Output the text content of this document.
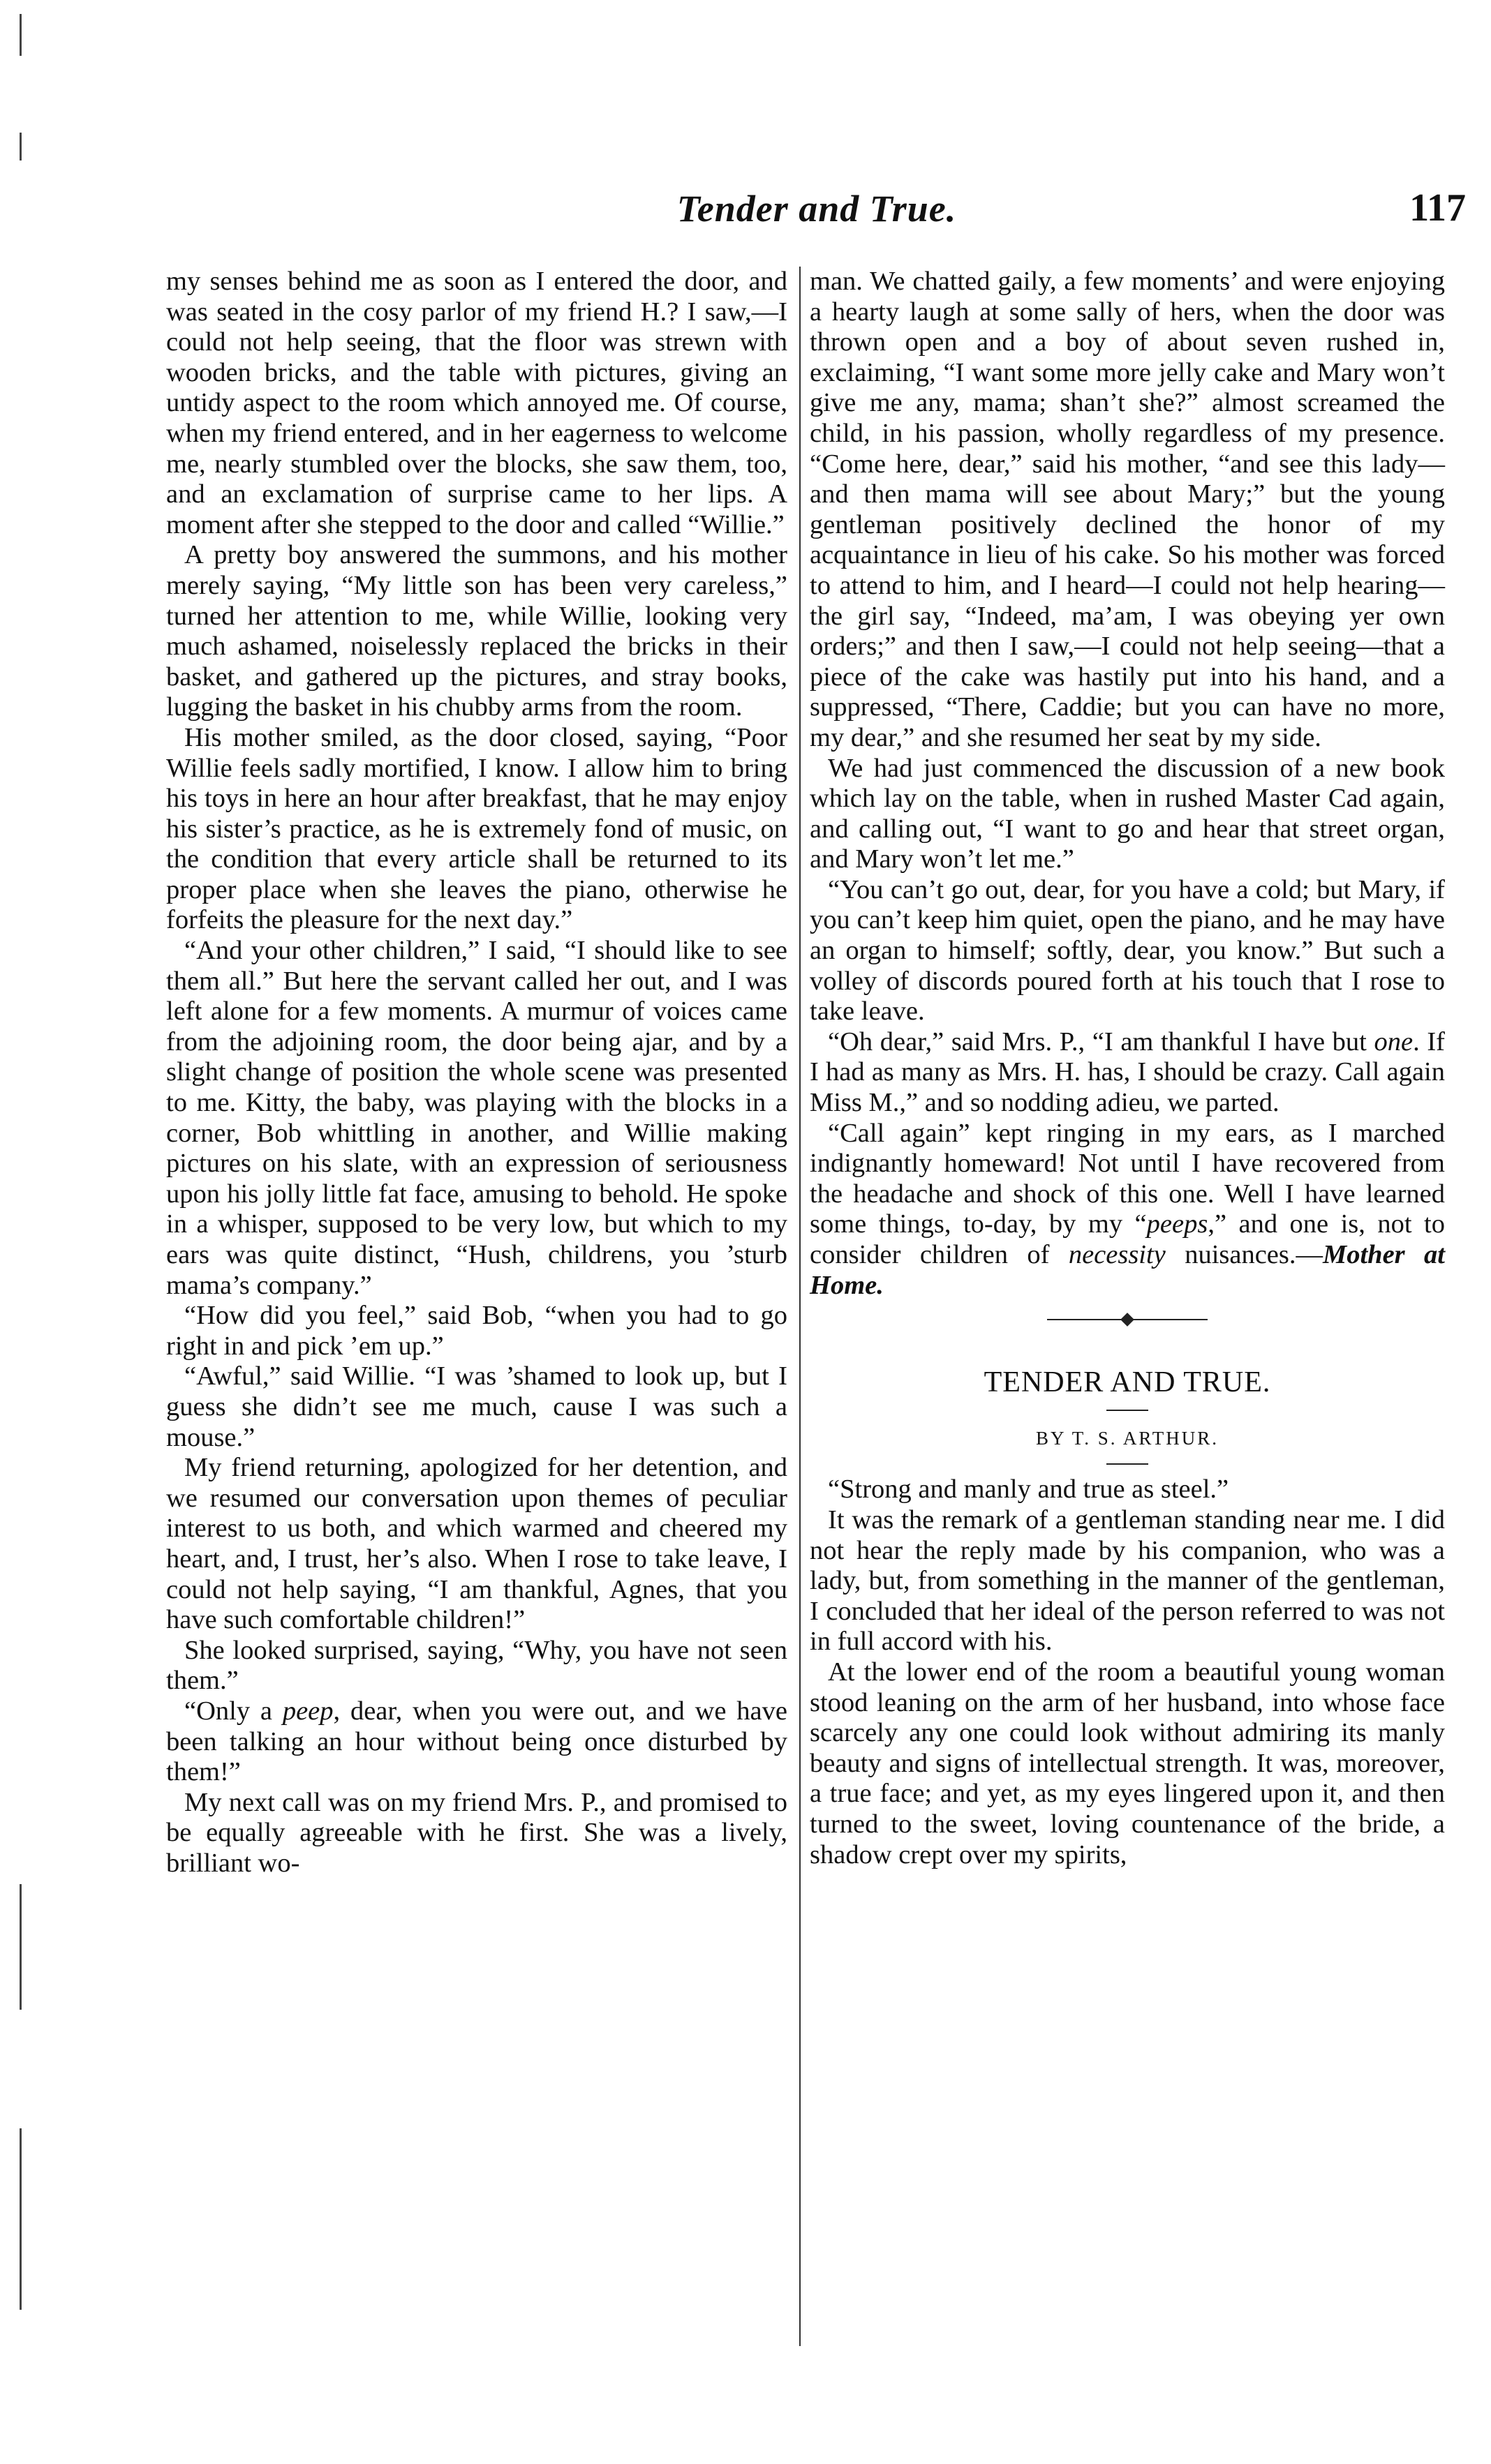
Tender and True.	117

my senses behind me as soon as I entered the door, and was seated in the cosy parlor of my friend H.? I saw,—I could not help seeing, that the floor was strewn with wooden bricks, and the table with pictures, giving an untidy aspect to the room which annoyed me. Of course, when my friend entered, and in her eagerness to welcome me, nearly stumbled over the blocks, she saw them, too, and an exclamation of surprise came to her lips. A moment after she stepped to the door and called “Willie.”

A pretty boy answered the summons, and his mother merely saying, “My little son has been very careless,” turned her attention to me, while Willie, looking very much ashamed, noiselessly replaced the bricks in their basket, and gathered up the pictures, and stray books, lugging the basket in his chubby arms from the room.

His mother smiled, as the door closed, saying, “Poor Willie feels sadly mortified, I know. I allow him to bring his toys in here an hour after breakfast, that he may enjoy his sister’s practice, as he is extremely fond of music, on the condition that every article shall be returned to its proper place when she leaves the piano, otherwise he forfeits the pleasure for the next day.”

“And your other children,” I said, “I should like to see them all.” But here the servant called her out, and I was left alone for a few moments. A murmur of voices came from the adjoining room, the door being ajar, and by a slight change of position the whole scene was presented to me. Kitty, the baby, was playing with the blocks in a corner, Bob whittling in another, and Willie making pictures on his slate, with an expression of seriousness upon his jolly little fat face, amusing to behold. He spoke in a whisper, supposed to be very low, but which to my ears was quite distinct, “Hush, childrens, you ’sturb mama’s company.”

“How did you feel,” said Bob, “when you had to go right in and pick ’em up.”

“Awful,” said Willie. “I was ’shamed to look up, but I guess she didn’t see me much, cause I was such a mouse.”

My friend returning, apologized for her detention, and we resumed our conversation upon themes of peculiar interest to us both, and which warmed and cheered my heart, and, I trust, her’s also. When I rose to take leave, I could not help saying, “I am thankful, Agnes, that you have such comfortable children!”

She looked surprised, saying, “Why, you have not seen them.”

“Only a peep, dear, when you were out, and we have been talking an hour without being once disturbed by them!”

My next call was on my friend Mrs. P., and promised to be equally agreeable with he first. She was a lively, brilliant wo-

man. We chatted gaily, a few moments’ and were enjoying a hearty laugh at some sally of hers, when the door was thrown open and a boy of about seven rushed in, exclaiming, “I want some more jelly cake and Mary won’t give me any, mama; shan’t she?” almost screamed the child, in his passion, wholly regardless of my presence. “Come here, dear,” said his mother, “and see this lady—and then mama will see about Mary;” but the young gentleman positively declined the honor of my acquaintance in lieu of his cake. So his mother was forced to attend to him, and I heard—I could not help hearing—the girl say, “Indeed, ma’am, I was obeying yer own orders;” and then I saw,—I could not help seeing—that a piece of the cake was hastily put into his hand, and a suppressed, “There, Caddie; but you can have no more, my dear,” and she resumed her seat by my side.

We had just commenced the discussion of a new book which lay on the table, when in rushed Master Cad again, and calling out, “I want to go and hear that street organ, and Mary won’t let me.”

“You can’t go out, dear, for you have a cold; but Mary, if you can’t keep him quiet, open the piano, and he may have an organ to himself; softly, dear, you know.” But such a volley of discords poured forth at his touch that I rose to take leave.

“Oh dear,” said Mrs. P., “I am thankful I have but one. If I had as many as Mrs. H. has, I should be crazy. Call again Miss M.,” and so nodding adieu, we parted.

“Call again” kept ringing in my ears, as I marched indignantly homeward! Not until I have recovered from the headache and shock of this one. Well I have learned some things, to-day, by my “peeps,” and one is, not to consider children of necessity nuisances.—Mother at Home.

TENDER AND TRUE.
BY T. S. ARTHUR.

“Strong and manly and true as steel.”

It was the remark of a gentleman standing near me. I did not hear the reply made by his companion, who was a lady, but, from something in the manner of the gentleman, I concluded that her ideal of the person referred to was not in full accord with his.

At the lower end of the room a beautiful young woman stood leaning on the arm of her husband, into whose face scarcely any one could look without admiring its manly beauty and signs of intellectual strength. It was, moreover, a true face; and yet, as my eyes lingered upon it, and then turned to the sweet, loving countenance of the bride, a shadow crept over my spirits,
